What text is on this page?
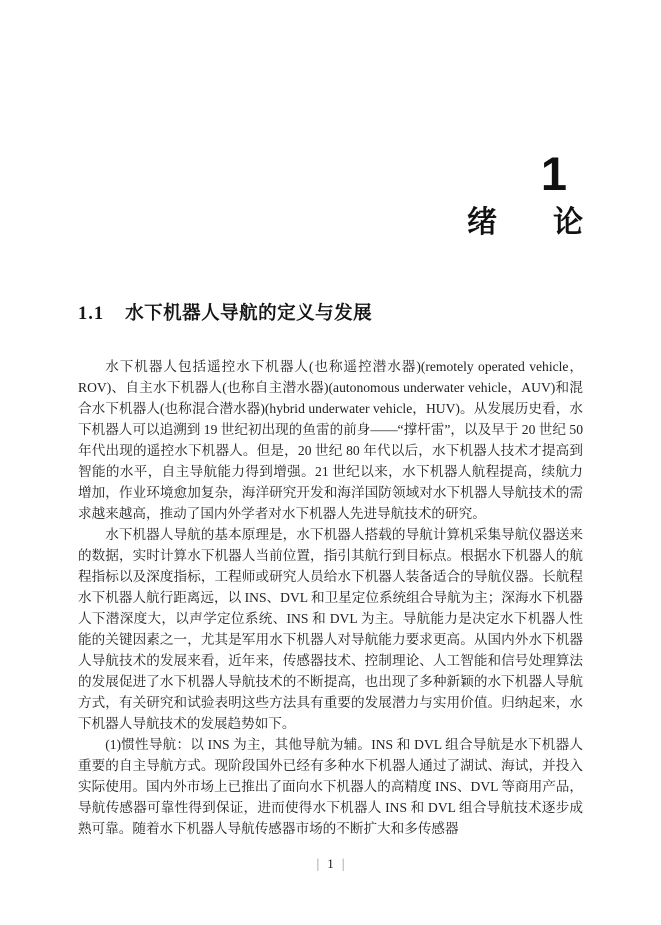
1
绪 论
1.1 水下机器人导航的定义与发展

水下机器人包括遥控水下机器人(也称遥控潜水器)(remotely operated vehicle，ROV)、自主水下机器人(也称自主潜水器)(autonomous underwater vehicle，AUV)和混合水下机器人(也称混合潜水器)(hybrid underwater vehicle，HUV)。从发展历史看，水下机器人可以追溯到 19 世纪初出现的鱼雷的前身——“撑杆雷”，以及早于 20 世纪 50 年代出现的遥控水下机器人。但是，20 世纪 80 年代以后，水下机器人技术才提高到智能的水平，自主导航能力得到增强。21 世纪以来，水下机器人航程提高，续航力增加，作业环境愈加复杂，海洋研究开发和海洋国防领域对水下机器人导航技术的需求越来越高，推动了国内外学者对水下机器人先进导航技术的研究。

水下机器人导航的基本原理是，水下机器人搭载的导航计算机采集导航仪器送来的数据，实时计算水下机器人当前位置，指引其航行到目标点。根据水下机器人的航程指标以及深度指标，工程师或研究人员给水下机器人装备适合的导航仪器。长航程水下机器人航行距离远，以 INS、DVL 和卫星定位系统组合导航为主；深海水下机器人下潜深度大，以声学定位系统、INS 和 DVL 为主。导航能力是决定水下机器人性能的关键因素之一，尤其是军用水下机器人对导航能力要求更高。从国内外水下机器人导航技术的发展来看，近年来，传感器技术、控制理论、人工智能和信号处理算法的发展促进了水下机器人导航技术的不断提高，也出现了多种新颖的水下机器人导航方式，有关研究和试验表明这些方法具有重要的发展潜力与实用价值。归纳起来，水下机器人导航技术的发展趋势如下。

(1)惯性导航：以 INS 为主，其他导航为辅。INS 和 DVL 组合导航是水下机器人重要的自主导航方式。现阶段国外已经有多种水下机器人通过了湖试、海试，并投入实际使用。国内外市场上已推出了面向水下机器人的高精度 INS、DVL 等商用产品，导航传感器可靠性得到保证，进而使得水下机器人 INS 和 DVL 组合导航技术逐步成熟可靠。随着水下机器人导航传感器市场的不断扩大和多传感器

| 1 |
